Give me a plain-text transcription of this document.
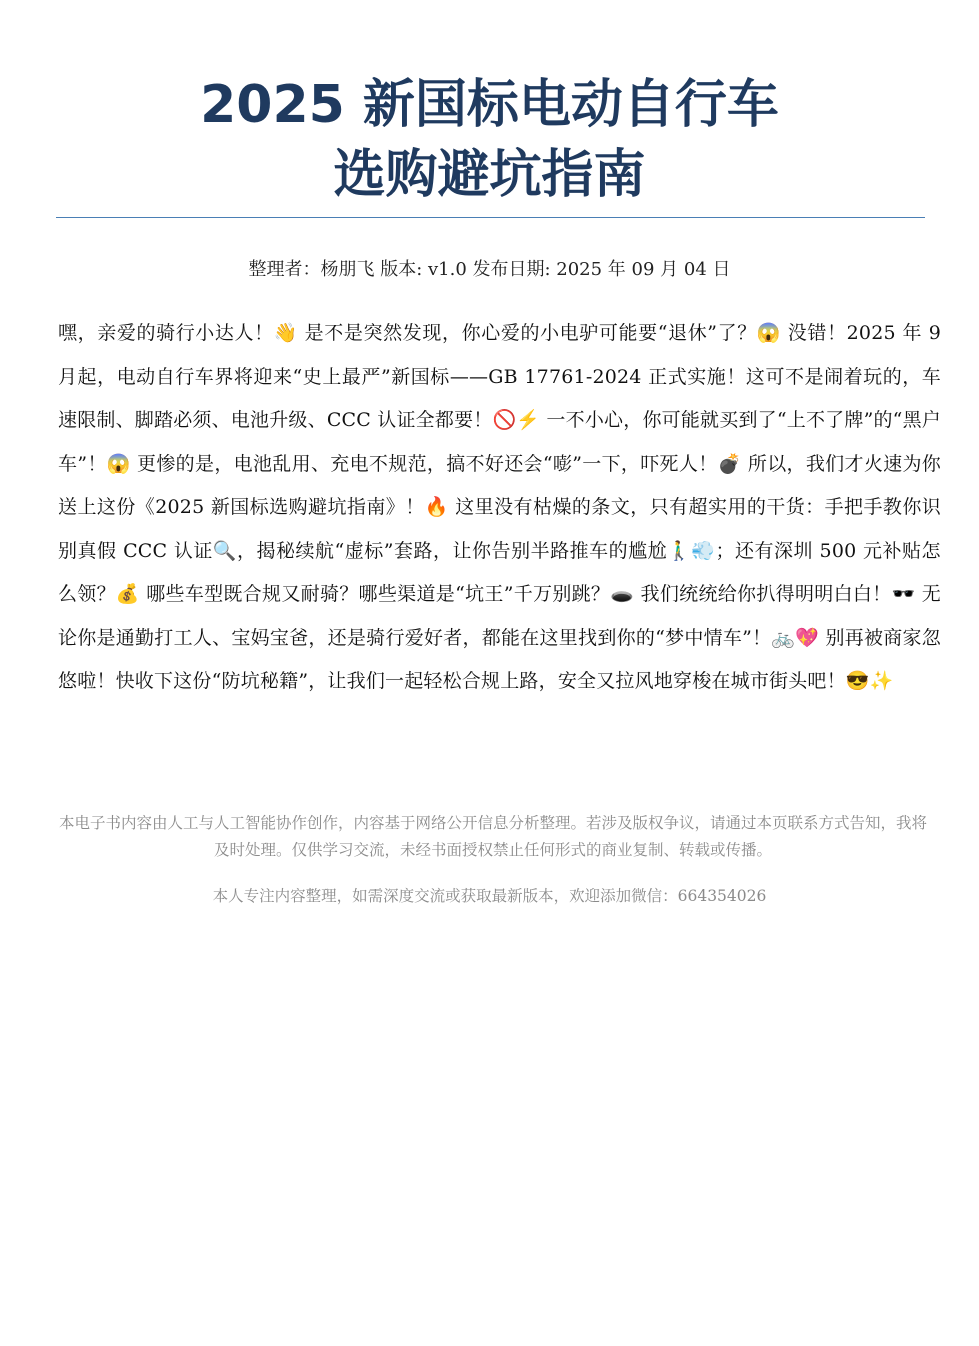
2025 新国标电动自行车
选购避坑指南
整理者：杨朋飞 版本: v1.0 发布日期: 2025 年 09 月 04 日

嘿，亲爱的骑行小达人！👋 是不是突然发现，你心爱的小电驴可能要“退休”了？😱 没错！2025 年 9 月起，电动自行车界将迎来“史上最严”新国标——GB 17761-2024 正式实施！这可不是闹着玩的，车速限制、脚踏必须、电池升级、CCC 认证全都要！🚫⚡ 一不小心，你可能就买到了“上不了牌”的“黑户车”！😱 更惨的是，电池乱用、充电不规范，搞不好还会“嘭”一下，吓死人！💣 所以，我们才火速为你送上这份《2025 新国标选购避坑指南》！🔥 这里没有枯燥的条文，只有超实用的干货：手把手教你识别真假 CCC 认证🔍，揭秘续航“虚标”套路，让你告别半路推车的尴尬🚶‍♂️💨；还有深圳 500 元补贴怎么领？💰 哪些车型既合规又耐骑？哪些渠道是“坑王”千万别跳？🕳️ 我们统统给你扒得明明白白！🕶️ 无论你是通勤打工人、宝妈宝爸，还是骑行爱好者，都能在这里找到你的“梦中情车”！🚲💖 别再被商家忽悠啦！快收下这份“防坑秘籍”，让我们一起轻松合规上路，安全又拉风地穿梭在城市街头吧！😎✨

本电子书内容由人工与人工智能协作创作，内容基于网络公开信息分析整理。若涉及版权争议，请通过本页联系方式告知，我将及时处理。仅供学习交流，未经书面授权禁止任何形式的商业复制、转载或传播。

本人专注内容整理，如需深度交流或获取最新版本，欢迎添加微信：664354026
